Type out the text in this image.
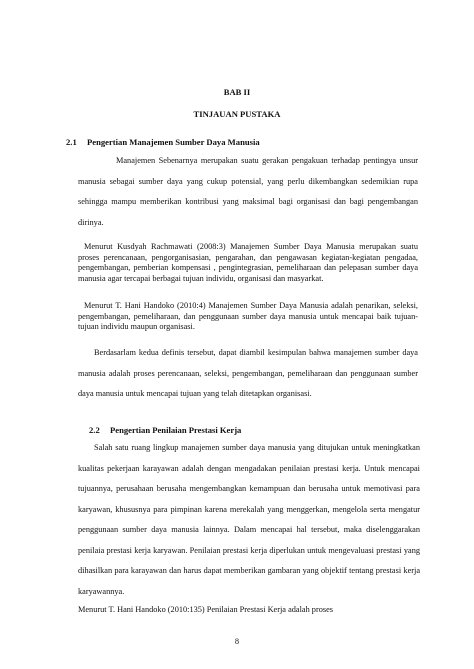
BAB II
TINJAUAN PUSTAKA
2.1 Pengertian Manajemen Sumber Daya Manusia
Manajemen Sebenarnya merupakan suatu gerakan pengakuan terhadap pentingya unsur manusia sebagai sumber daya yang cukup potensial, yang perlu dikembangkan sedemikian rupa sehingga mampu memberikan kontribusi yang maksimal bagi organisasi dan bagi pengembangan dirinya.
Menurut Kusdyah Rachmawati (2008:3) Manajemen Sumber Daya Manusia merupakan suatu proses perencanaan, pengorganisasian, pengarahan, dan pengawasan kegiatan-kegiatan pengadaa, pengembangan, pemberian kompensasi , pengintegrasian, pemeliharaan dan pelepasan sumber daya manusia agar tercapai berbagai tujuan individu, organisasi dan masyarkat.
Menurut T. Hani Handoko (2010:4) Manajemen Sumber Daya Manusia adalah penarikan, seleksi, pengembangan, pemeliharaan, dan penggunaan sumber daya manusia untuk mencapai baik tujuan-tujuan individu maupun organisasi.
Berdasarlam kedua definis tersebut, dapat diambil kesimpulan bahwa manajemen sumber daya manusia adalah proses perencanaan, seleksi, pengembangan, pemeliharaan dan penggunaan sumber daya manusia untuk mencapai tujuan yang telah ditetapkan organisasi.
2.2 Pengertian Penilaian Prestasi Kerja
Salah satu ruang lingkup manajemen sumber daya manusia yang ditujukan untuk meningkatkan kualitas pekerjaan karayawan adalah dengan mengadakan penilaian prestasi kerja. Untuk mencapai tujuannya, perusahaan berusaha mengembangkan kemampuan dan berusaha untuk memotivasi para karyawan, khususnya para pimpinan karena merekalah yang menggerkan, mengelola serta mengatur penggunaan sumber daya manusia lainnya. Dalam mencapai hal tersebut, maka diselenggarakan penilaia prestasi kerja karyawan. Penilaian prestasi kerja diperlukan untuk mengevaluasi prestasi yang dihasilkan para karayawan dan harus dapat memberikan gambaran yang objektif tentang prestasi kerja karyawannya.
Menurut T. Hani Handoko (2010:135) Penilaian Prestasi Kerja adalah proses
8
